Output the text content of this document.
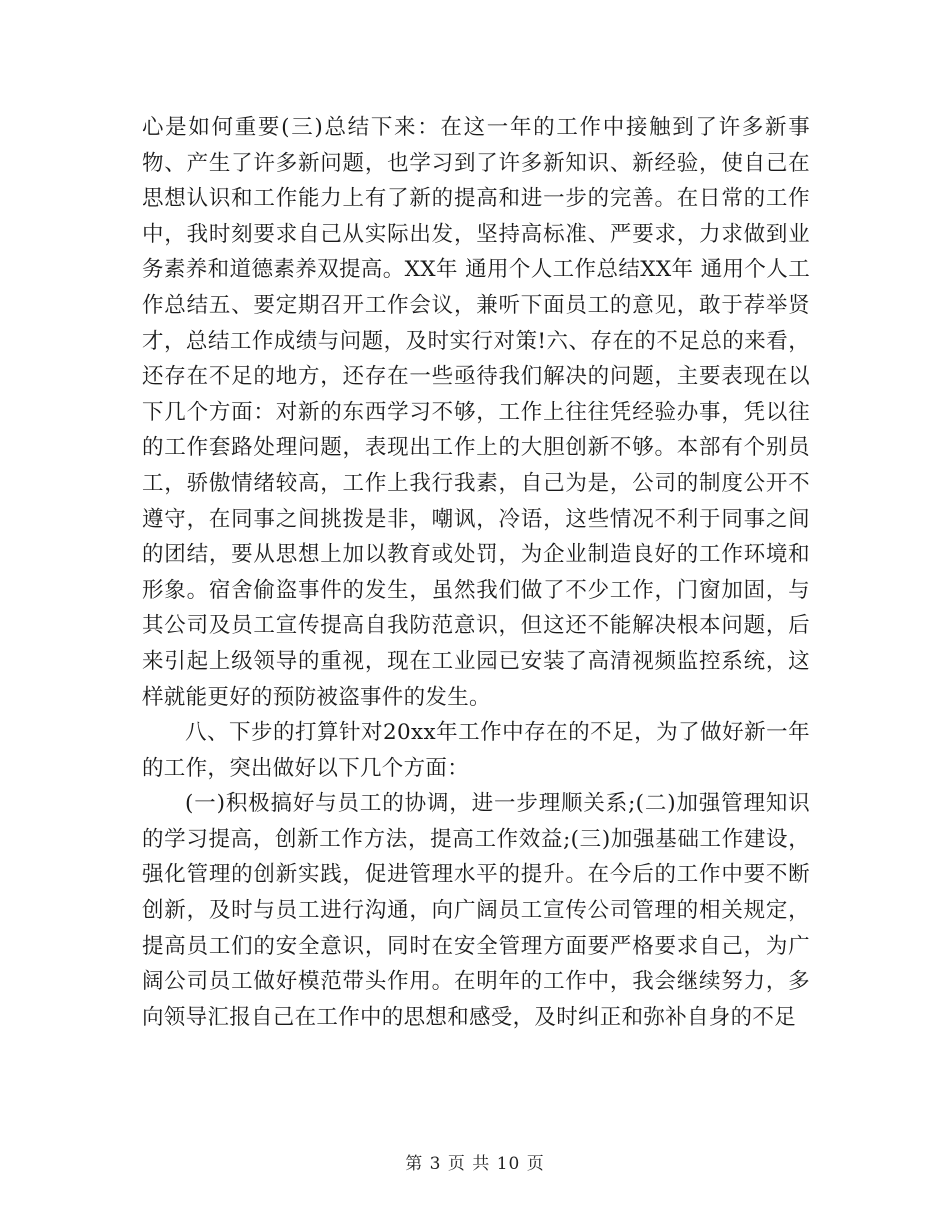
心是如何重要(三)总结下来：在这一年的工作中接触到了许多新事物、产生了许多新问题，也学习到了许多新知识、新经验，使自己在思想认识和工作能力上有了新的提高和进一步的完善。在日常的工作中，我时刻要求自己从实际出发，坚持高标准、严要求，力求做到业务素养和道德素养双提高。XX年 通用个人工作总结XX年 通用个人工作总结五、要定期召开工作会议，兼听下面员工的意见，敢于荐举贤才，总结工作成绩与问题，及时实行对策!六、存在的不足总的来看，还存在不足的地方，还存在一些亟待我们解决的问题，主要表现在以下几个方面：对新的东西学习不够，工作上往往凭经验办事，凭以往的工作套路处理问题，表现出工作上的大胆创新不够。本部有个别员工，骄傲情绪较高，工作上我行我素，自己为是，公司的制度公开不遵守，在同事之间挑拨是非，嘲讽，冷语，这些情况不利于同事之间的团结，要从思想上加以教育或处罚，为企业制造良好的工作环境和形象。宿舍偷盗事件的发生，虽然我们做了不少工作，门窗加固，与其公司及员工宣传提高自我防范意识，但这还不能解决根本问题，后来引起上级领导的重视，现在工业园已安装了高清视频监控系统，这样就能更好的预防被盗事件的发生。

八、下步的打算针对20xx年工作中存在的不足，为了做好新一年的工作，突出做好以下几个方面：

(一)积极搞好与员工的协调，进一步理顺关系;(二)加强管理知识的学习提高，创新工作方法，提高工作效益;(三)加强基础工作建设，强化管理的创新实践，促进管理水平的提升。在今后的工作中要不断创新，及时与员工进行沟通，向广阔员工宣传公司管理的相关规定，提高员工们的安全意识，同时在安全管理方面要严格要求自己，为广阔公司员工做好模范带头作用。在明年的工作中，我会继续努力，多向领导汇报自己在工作中的思想和感受，及时纠正和弥补自身的不足

第 3 页 共 10 页
